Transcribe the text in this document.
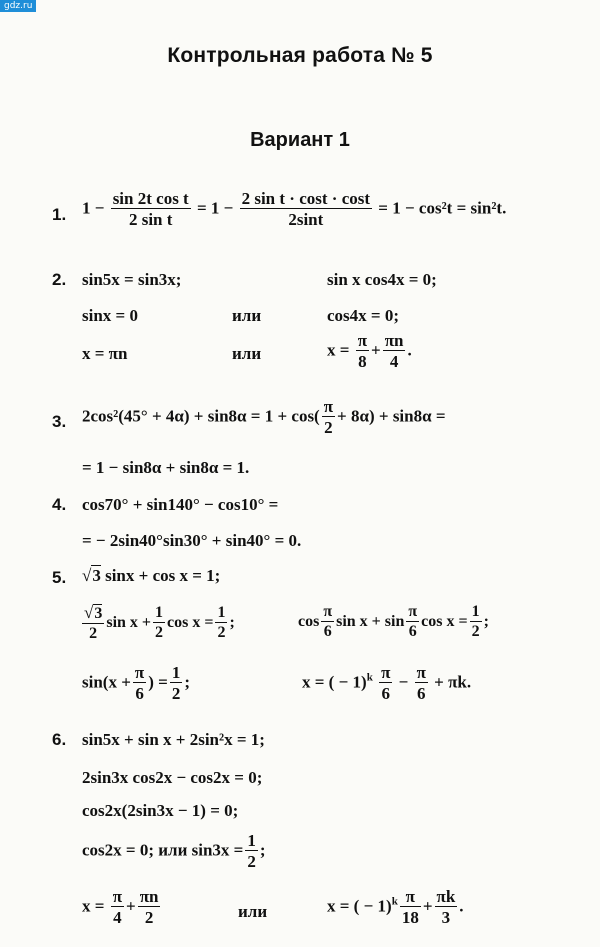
gdz.ru
Контрольная работа № 5
Вариант 1
1. $1 - \frac{\text{sin 2t cos t}}{\text{2 sin t}} = 1 - \frac{\text{2 sin t · cost · cost}}{2\sin t} = 1 - \cos^2t = \sin^2t$.
2. sin5x = sin3x;	sin x cos4x = 0;
sinx = 0	или	cos4x = 0;
x = πn	или	$x = \frac{\pi}{8} + \frac{\pi n}{4}$ .
3. $2\cos^2(45^\circ + 4\alpha) + \sin 8\alpha = 1 + \cos( \frac{\pi}{2} + 8\alpha) + \sin 8\alpha$ =
= 1 − sin8α + sin8α = 1.
4. cos70° + sin140° − cos10° =
= − 2sin40°sin30° + sin40° = 0.
5. √3 sinx + cos x = 1;
$\frac{√3}{2}$ $\sin x + \frac{1}{2}$ $\cos x = \frac{1}{2}$ ;	$\cos \frac{\pi}{6}$ $\sin x + \sin \frac{\pi}{6}$ $\cos x = \frac{1}{2}$ ;
$\sin(x + \frac{\pi}{6}$ ) = $\frac{1}{2}$ ;	x = ( − $1)^k \frac{\pi}{6} - \frac{\pi}{6} + \pi k$.
6. sin5x + sin x + 2sin²x = 1;
2sin3x cos2x − cos2x = 0;
cos2x(2sin3x − 1) = 0;
cos2x = 0; или $\sin 3x = \frac{1}{2}$ ;
$x = \frac{\pi}{4} + \frac{\pi n}{2}$	или	x = ( − $1)^k \frac{\pi}{18} + \frac{\pi k}{3}$ .
